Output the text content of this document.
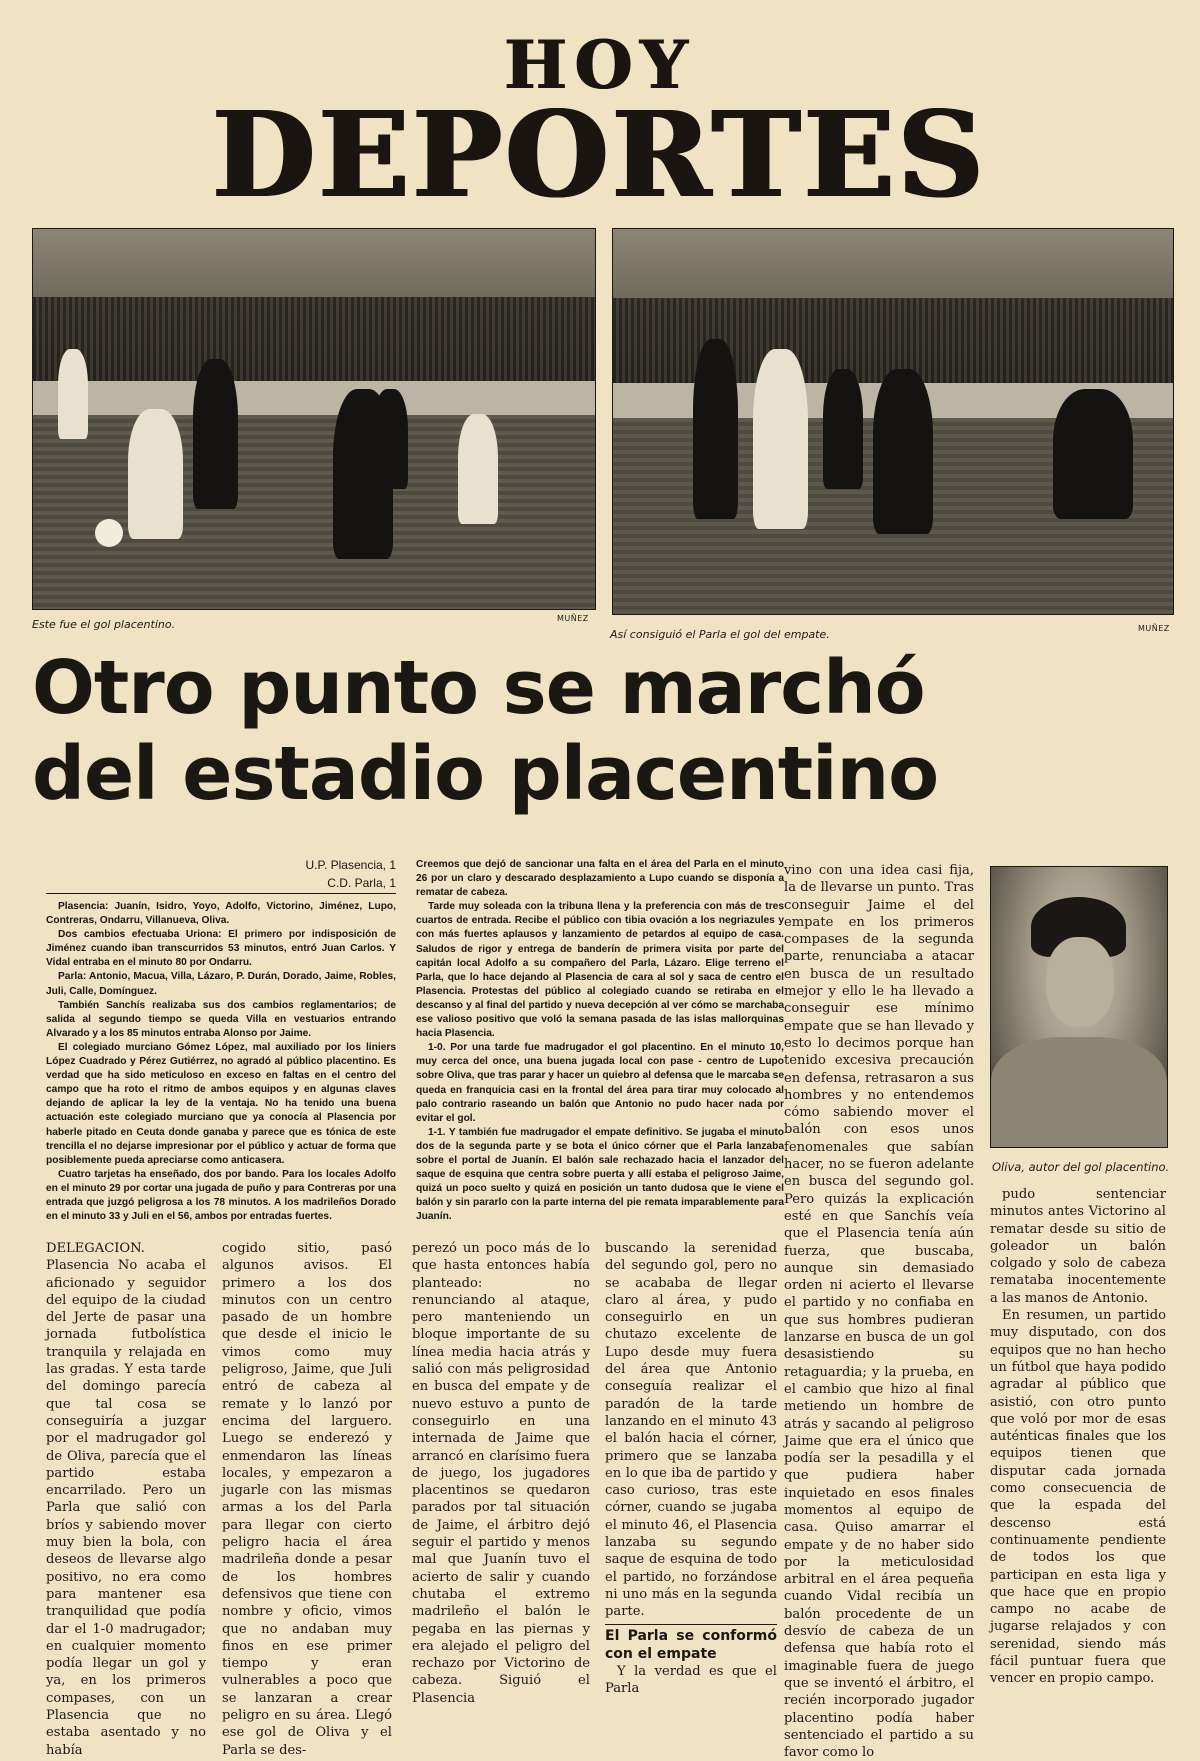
HOY
DEPORTES
Este fue el gol placentino.	MUÑEZ
Así consiguió el Parla el gol del empate.	MUÑEZ
Otro punto se marchó
del estadio placentino
U.P. Plasencia, 1
C.D. Parla, 1

Plasencia: Juanín, Isidro, Yoyo, Adolfo, Victorino, Jiménez, Lupo, Contreras, Ondarru, Villanueva, Oliva.

Dos cambios efectuaba Uriona: El primero por indisposición de Jiménez cuando iban transcurridos 53 minutos, entró Juan Carlos. Y Vidal entraba en el minuto 80 por Ondarru.

Parla: Antonio, Macua, Villa, Lázaro, P. Durán, Dorado, Jaime, Robles, Juli, Calle, Domínguez.

También Sanchís realizaba sus dos cambios reglamentarios; de salida al segundo tiempo se queda Villa en vestuarios entrando Alvarado y a los 85 minutos entraba Alonso por Jaime.

El colegiado murciano Gómez López, mal auxiliado por los liniers López Cuadrado y Pérez Gutiérrez, no agradó al público placentino. Es verdad que ha sido meticuloso en exceso en faltas en el centro del campo que ha roto el ritmo de ambos equipos y en algunas claves dejando de aplicar la ley de la ventaja. No ha tenido una buena actuación este colegiado murciano que ya conocía al Plasencia por haberle pitado en Ceuta donde ganaba y parece que es tónica de este trencilla el no dejarse impresionar por el público y actuar de forma que posiblemente pueda apreciarse como anticasera.

Cuatro tarjetas ha enseñado, dos por bando. Para los locales Adolfo en el minuto 29 por cortar una jugada de puño y para Contreras por una entrada que juzgó peligrosa a los 78 minutos. A los madrileños Dorado en el minuto 33 y Juli en el 56, ambos por entradas fuertes.

Creemos que dejó de sancionar una falta en el área del Parla en el minuto 26 por un claro y descarado desplazamiento a Lupo cuando se disponía a rematar de cabeza.

Tarde muy soleada con la tribuna llena y la preferencia con más de tres cuartos de entrada. Recibe el público con tibia ovación a los negriazules y con más fuertes aplausos y lanzamiento de petardos al equipo de casa. Saludos de rigor y entrega de banderín de primera visita por parte del capitán local Adolfo a su compañero del Parla, Lázaro. Elige terreno el Parla, que lo hace dejando al Plasencia de cara al sol y saca de centro el Plasencia. Protestas del público al colegiado cuando se retiraba en el descanso y al final del partido y nueva decepción al ver cómo se marchaba ese valioso positivo que voló la semana pasada de las islas mallorquinas hacia Plasencia.

1-0. Por una tarde fue madrugador el gol placentino. En el minuto 10, muy cerca del once, una buena jugada local con pase - centro de Lupo sobre Oliva, que tras parar y hacer un quiebro al defensa que le marcaba se queda en franquicia casi en la frontal del área para tirar muy colocado al palo contrario raseando un balón que Antonio no pudo hacer nada por evitar el gol.

1-1. Y también fue madrugador el empate definitivo. Se jugaba el minuto dos de la segunda parte y se bota el único córner que el Parla lanzaba sobre el portal de Juanín. El balón sale rechazado hacia el lanzador del saque de esquina que centra sobre puerta y allí estaba el peligroso Jaime, quizá un poco suelto y quizá en posición un tanto dudosa que le viene el balón y sin pararlo con la parte interna del pie remata imparablemente para Juanín.

DELEGACION. Plasencia No acaba el aficionado y seguidor del equipo de la ciudad del Jerte de pasar una jornada futbolística tranquila y relajada en las gradas. Y esta tarde del domingo parecía que tal cosa se conseguiría a juzgar por el madrugador gol de Oliva, parecía que el partido estaba encarrilado. Pero un Parla que salió con bríos y sabiendo mover muy bien la bola, con deseos de llevarse algo positivo, no era como para mantener esa tranquilidad que podía dar el 1-0 madrugador; en cualquier momento podía llegar un gol y ya, en los primeros compases, con un Plasencia que no estaba asentado y no había

cogido sitio, pasó algunos avisos. El primero a los dos minutos con un centro pasado de un hombre que desde el inicio le vimos como muy peligroso, Jaime, que Juli entró de cabeza al remate y lo lanzó por encima del larguero. Luego se enderezó y enmendaron las líneas locales, y empezaron a jugarle con las mismas armas a los del Parla para llegar con cierto peligro hacia el área madrileña donde a pesar de los hombres defensivos que tiene con nombre y oficio, vimos que no andaban muy finos en ese primer tiempo y eran vulnerables a poco que se lanzaran a crear peligro en su área. Llegó ese gol de Oliva y el Parla se des-

perezó un poco más de lo que hasta entonces había planteado: no renunciando al ataque, pero manteniendo un bloque importante de su línea media hacia atrás y salió con más peligrosidad en busca del empate y de nuevo estuvo a punto de conseguirlo en una internada de Jaime que arrancó en clarísimo fuera de juego, los jugadores placentinos se quedaron parados por tal situación de Jaime, el árbitro dejó seguir el partido y menos mal que Juanín tuvo el acierto de salir y cuando chutaba el extremo madrileño el balón le pegaba en las piernas y era alejado el peligro del rechazo por Victorino de cabeza. Siguió el Plasencia

buscando la serenidad del segundo gol, pero no se acababa de llegar claro al área, y pudo conseguirlo en un chutazo excelente de Lupo desde muy fuera del área que Antonio conseguía realizar el paradón de la tarde lanzando en el minuto 43 el balón hacia el córner, primero que se lanzaba en lo que iba de partido y caso curioso, tras este córner, cuando se jugaba el minuto 46, el Plasencia lanzaba su segundo saque de esquina de todo el partido, no forzándose ni uno más en la segunda parte.

El Parla se conformó con el empate

Y la verdad es que el Parla

vino con una idea casi fija, la de llevarse un punto. Tras conseguir Jaime el del empate en los primeros compases de la segunda parte, renunciaba a atacar en busca de un resultado mejor y ello le ha llevado a conseguir ese mínimo empate que se han llevado y esto lo decimos porque han tenido excesiva precaución en defensa, retrasaron a sus hombres y no entendemos cómo sabiendo mover el balón con esos unos fenomenales que sabían hacer, no se fueron adelante en busca del segundo gol. Pero quizás la explicación esté en que Sanchís veía que el Plasencia tenía aún fuerza, que buscaba, aunque sin demasiado orden ni acierto el llevarse el partido y no confiaba en que sus hombres pudieran lanzarse en busca de un gol desasistiendo su retaguardia; y la prueba, en el cambio que hizo al final metiendo un hombre de atrás y sacando al peligroso Jaime que era el único que podía ser la pesadilla y el que pudiera haber inquietado en esos finales momentos al equipo de casa. Quiso amarrar el empate y de no haber sido por la meticulosidad arbitral en el área pequeña cuando Vidal recibía un balón procedente de un desvío de cabeza de un defensa que había roto el imaginable fuera de juego que se inventó el árbitro, el recién incorporado jugador placentino podía haber sentenciado el partido a su favor como lo

Oliva, autor del gol placentino.

pudo sentenciar minutos antes Victorino al rematar desde su sitio de goleador un balón colgado y solo de cabeza remataba inocentemente a las manos de Antonio.

En resumen, un partido muy disputado, con dos equipos que no han hecho un fútbol que haya podido agradar al público que asistió, con otro punto que voló por mor de esas auténticas finales que los equipos tienen que disputar cada jornada como consecuencia de que la espada del descenso está continuamente pendiente de todos los que participan en esta liga y que hace que en propio campo no acabe de jugarse relajados y con serenidad, siendo más fácil puntuar fuera que vencer en propio campo.
